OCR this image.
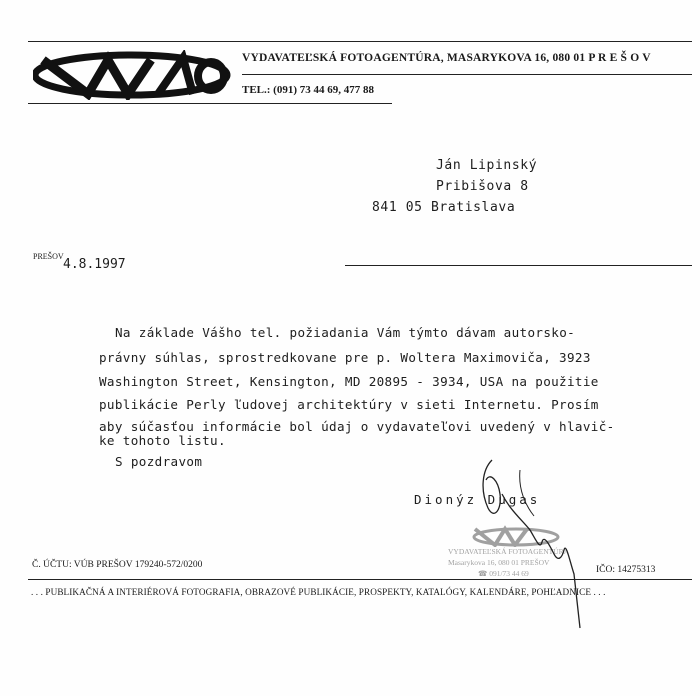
VYDAVATEĽSKÁ FOTOAGENTÚRA, MASARYKOVA 16, 080 01 P R E Š O V
TEL.: (091) 73 44 69, 477 88
Ján Lipinský
Pribišova 8
841 05 Bratislava
PREŠOV
4.8.1997
Na základe Vášho tel. požiadania Vám týmto dávam autorsko-
právny súhlas, sprostredkovane pre p. Woltera Maximoviča, 3923
Washington Street, Kensington, MD 20895 - 3934, USA na použitie
publikácie Perly ľudovej architektúry v sieti Internetu. Prosím
aby súčasťou informácie bol údaj o vydavateľovi uvedený v hlavič-
ke tohoto listu.
S pozdravom
Dionýz Dugas
VYDAVATEĽSKÁ FOTOAGENTÚRA
Masarykova 16, 080 01 PREŠOV
☎ 091/73 44 69
Č. ÚČTU: VÚB PREŠOV 179240-572/0200	IČO: 14275313
. . . PUBLIKAČNÁ A INTERIÉROVÁ FOTOGRAFIA, OBRAZOVÉ PUBLIKÁCIE, PROSPEKTY, KATALÓGY, KALENDÁRE, POHĽADNICE . . .
